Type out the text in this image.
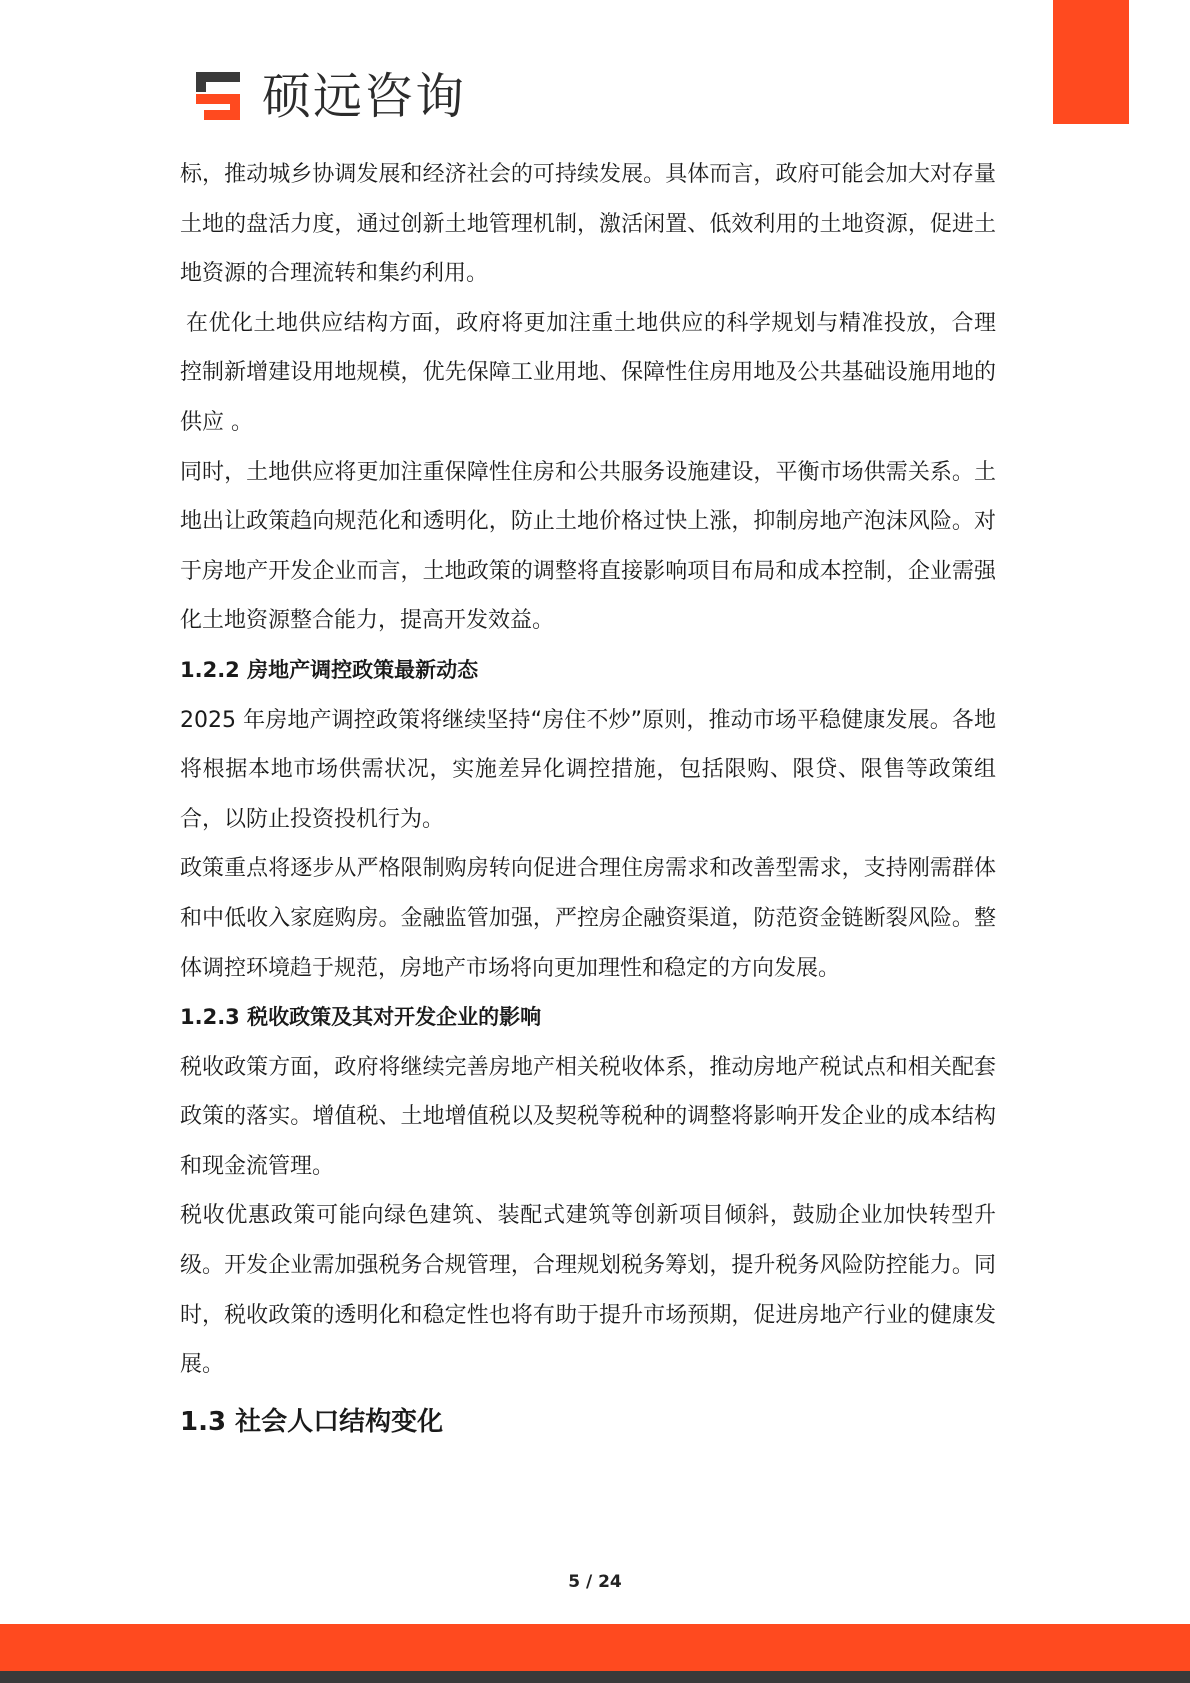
硕远咨询

标，推动城乡协调发展和经济社会的可持续发展。具体而言，政府可能会加大对存量土地的盘活力度，通过创新土地管理机制，激活闲置、低效利用的土地资源，促进土地资源的合理流转和集约利用。

在优化土地供应结构方面，政府将更加注重土地供应的科学规划与精准投放，合理控制新增建设用地规模，优先保障工业用地、保障性住房用地及公共基础设施用地的供应 。

同时，土地供应将更加注重保障性住房和公共服务设施建设，平衡市场供需关系。土地出让政策趋向规范化和透明化，防止土地价格过快上涨，抑制房地产泡沫风险。对于房地产开发企业而言，土地政策的调整将直接影响项目布局和成本控制，企业需强化土地资源整合能力，提高开发效益。

1.2.2 房地产调控政策最新动态

2025 年房地产调控政策将继续坚持“房住不炒”原则，推动市场平稳健康发展。各地将根据本地市场供需状况，实施差异化调控措施，包括限购、限贷、限售等政策组合，以防止投资投机行为。

政策重点将逐步从严格限制购房转向促进合理住房需求和改善型需求，支持刚需群体和中低收入家庭购房。金融监管加强，严控房企融资渠道，防范资金链断裂风险。整体调控环境趋于规范，房地产市场将向更加理性和稳定的方向发展。

1.2.3 税收政策及其对开发企业的影响

税收政策方面，政府将继续完善房地产相关税收体系，推动房地产税试点和相关配套政策的落实。增值税、土地增值税以及契税等税种的调整将影响开发企业的成本结构和现金流管理。

税收优惠政策可能向绿色建筑、装配式建筑等创新项目倾斜，鼓励企业加快转型升级。开发企业需加强税务合规管理，合理规划税务筹划，提升税务风险防控能力。同时，税收政策的透明化和稳定性也将有助于提升市场预期，促进房地产行业的健康发展。

1.3 社会人口结构变化
5 / 24
